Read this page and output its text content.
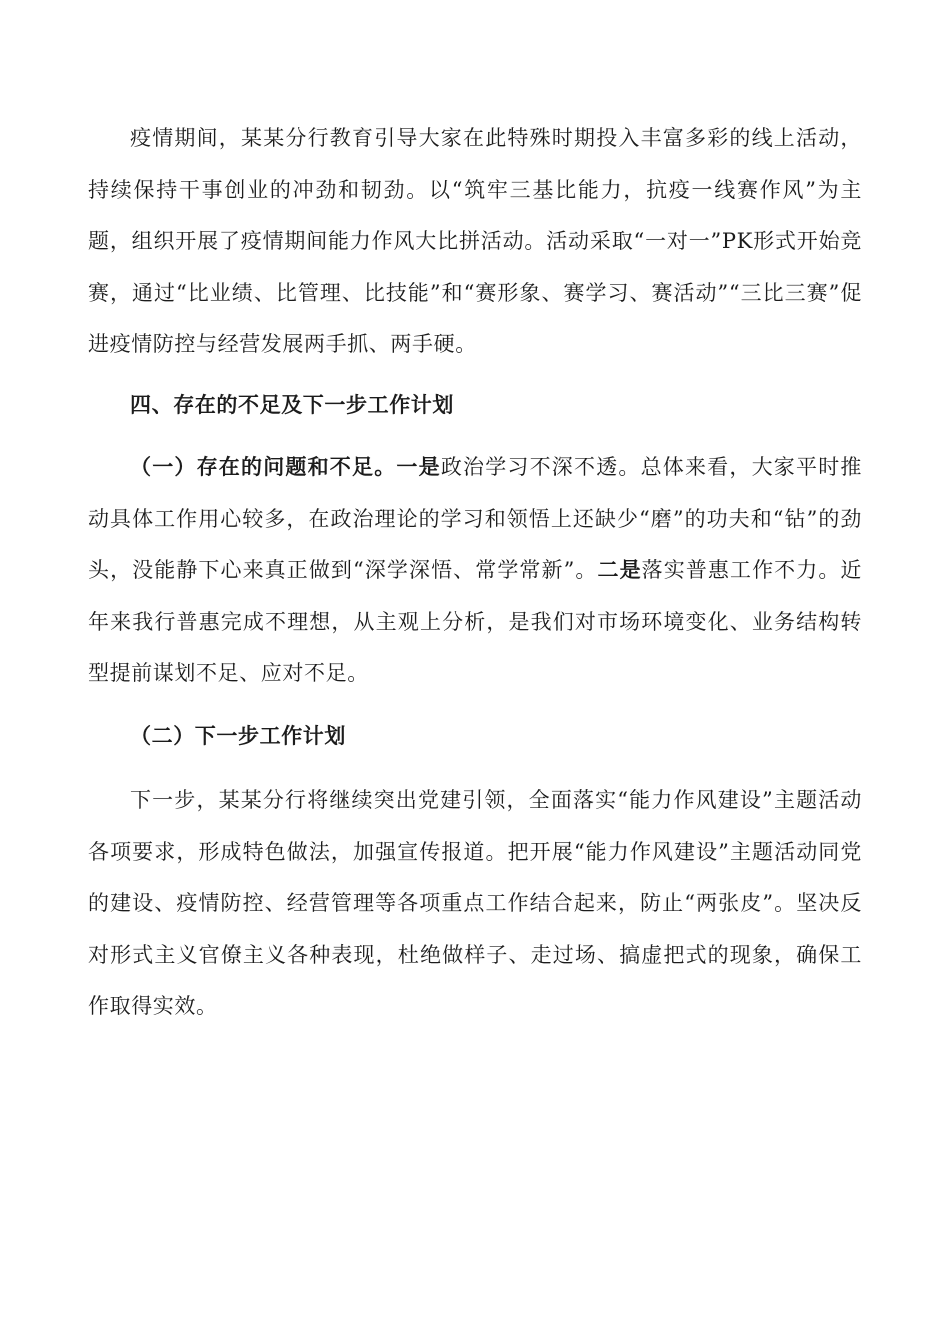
疫情期间，某某分行教育引导大家在此特殊时期投入丰富多彩的线上活动，持续保持干事创业的冲劲和韧劲。以“筑牢三基比能力，抗疫一线赛作风”为主题，组织开展了疫情期间能力作风大比拼活动。活动采取“一对一”PK形式开始竞赛，通过“比业绩、比管理、比技能”和“赛形象、赛学习、赛活动”“三比三赛”促进疫情防控与经营发展两手抓、两手硬。

四、存在的不足及下一步工作计划

（一）存在的问题和不足。一是政治学习不深不透。总体来看，大家平时推动具体工作用心较多，在政治理论的学习和领悟上还缺少“磨”的功夫和“钻”的劲头，没能静下心来真正做到“深学深悟、常学常新”。二是落实普惠工作不力。近年来我行普惠完成不理想，从主观上分析，是我们对市场环境变化、业务结构转型提前谋划不足、应对不足。

（二）下一步工作计划

下一步，某某分行将继续突出党建引领，全面落实“能力作风建设”主题活动各项要求，形成特色做法，加强宣传报道。把开展“能力作风建设”主题活动同党的建设、疫情防控、经营管理等各项重点工作结合起来，防止“两张皮”。坚决反对形式主义官僚主义各种表现，杜绝做样子、走过场、搞虚把式的现象，确保工作取得实效。
